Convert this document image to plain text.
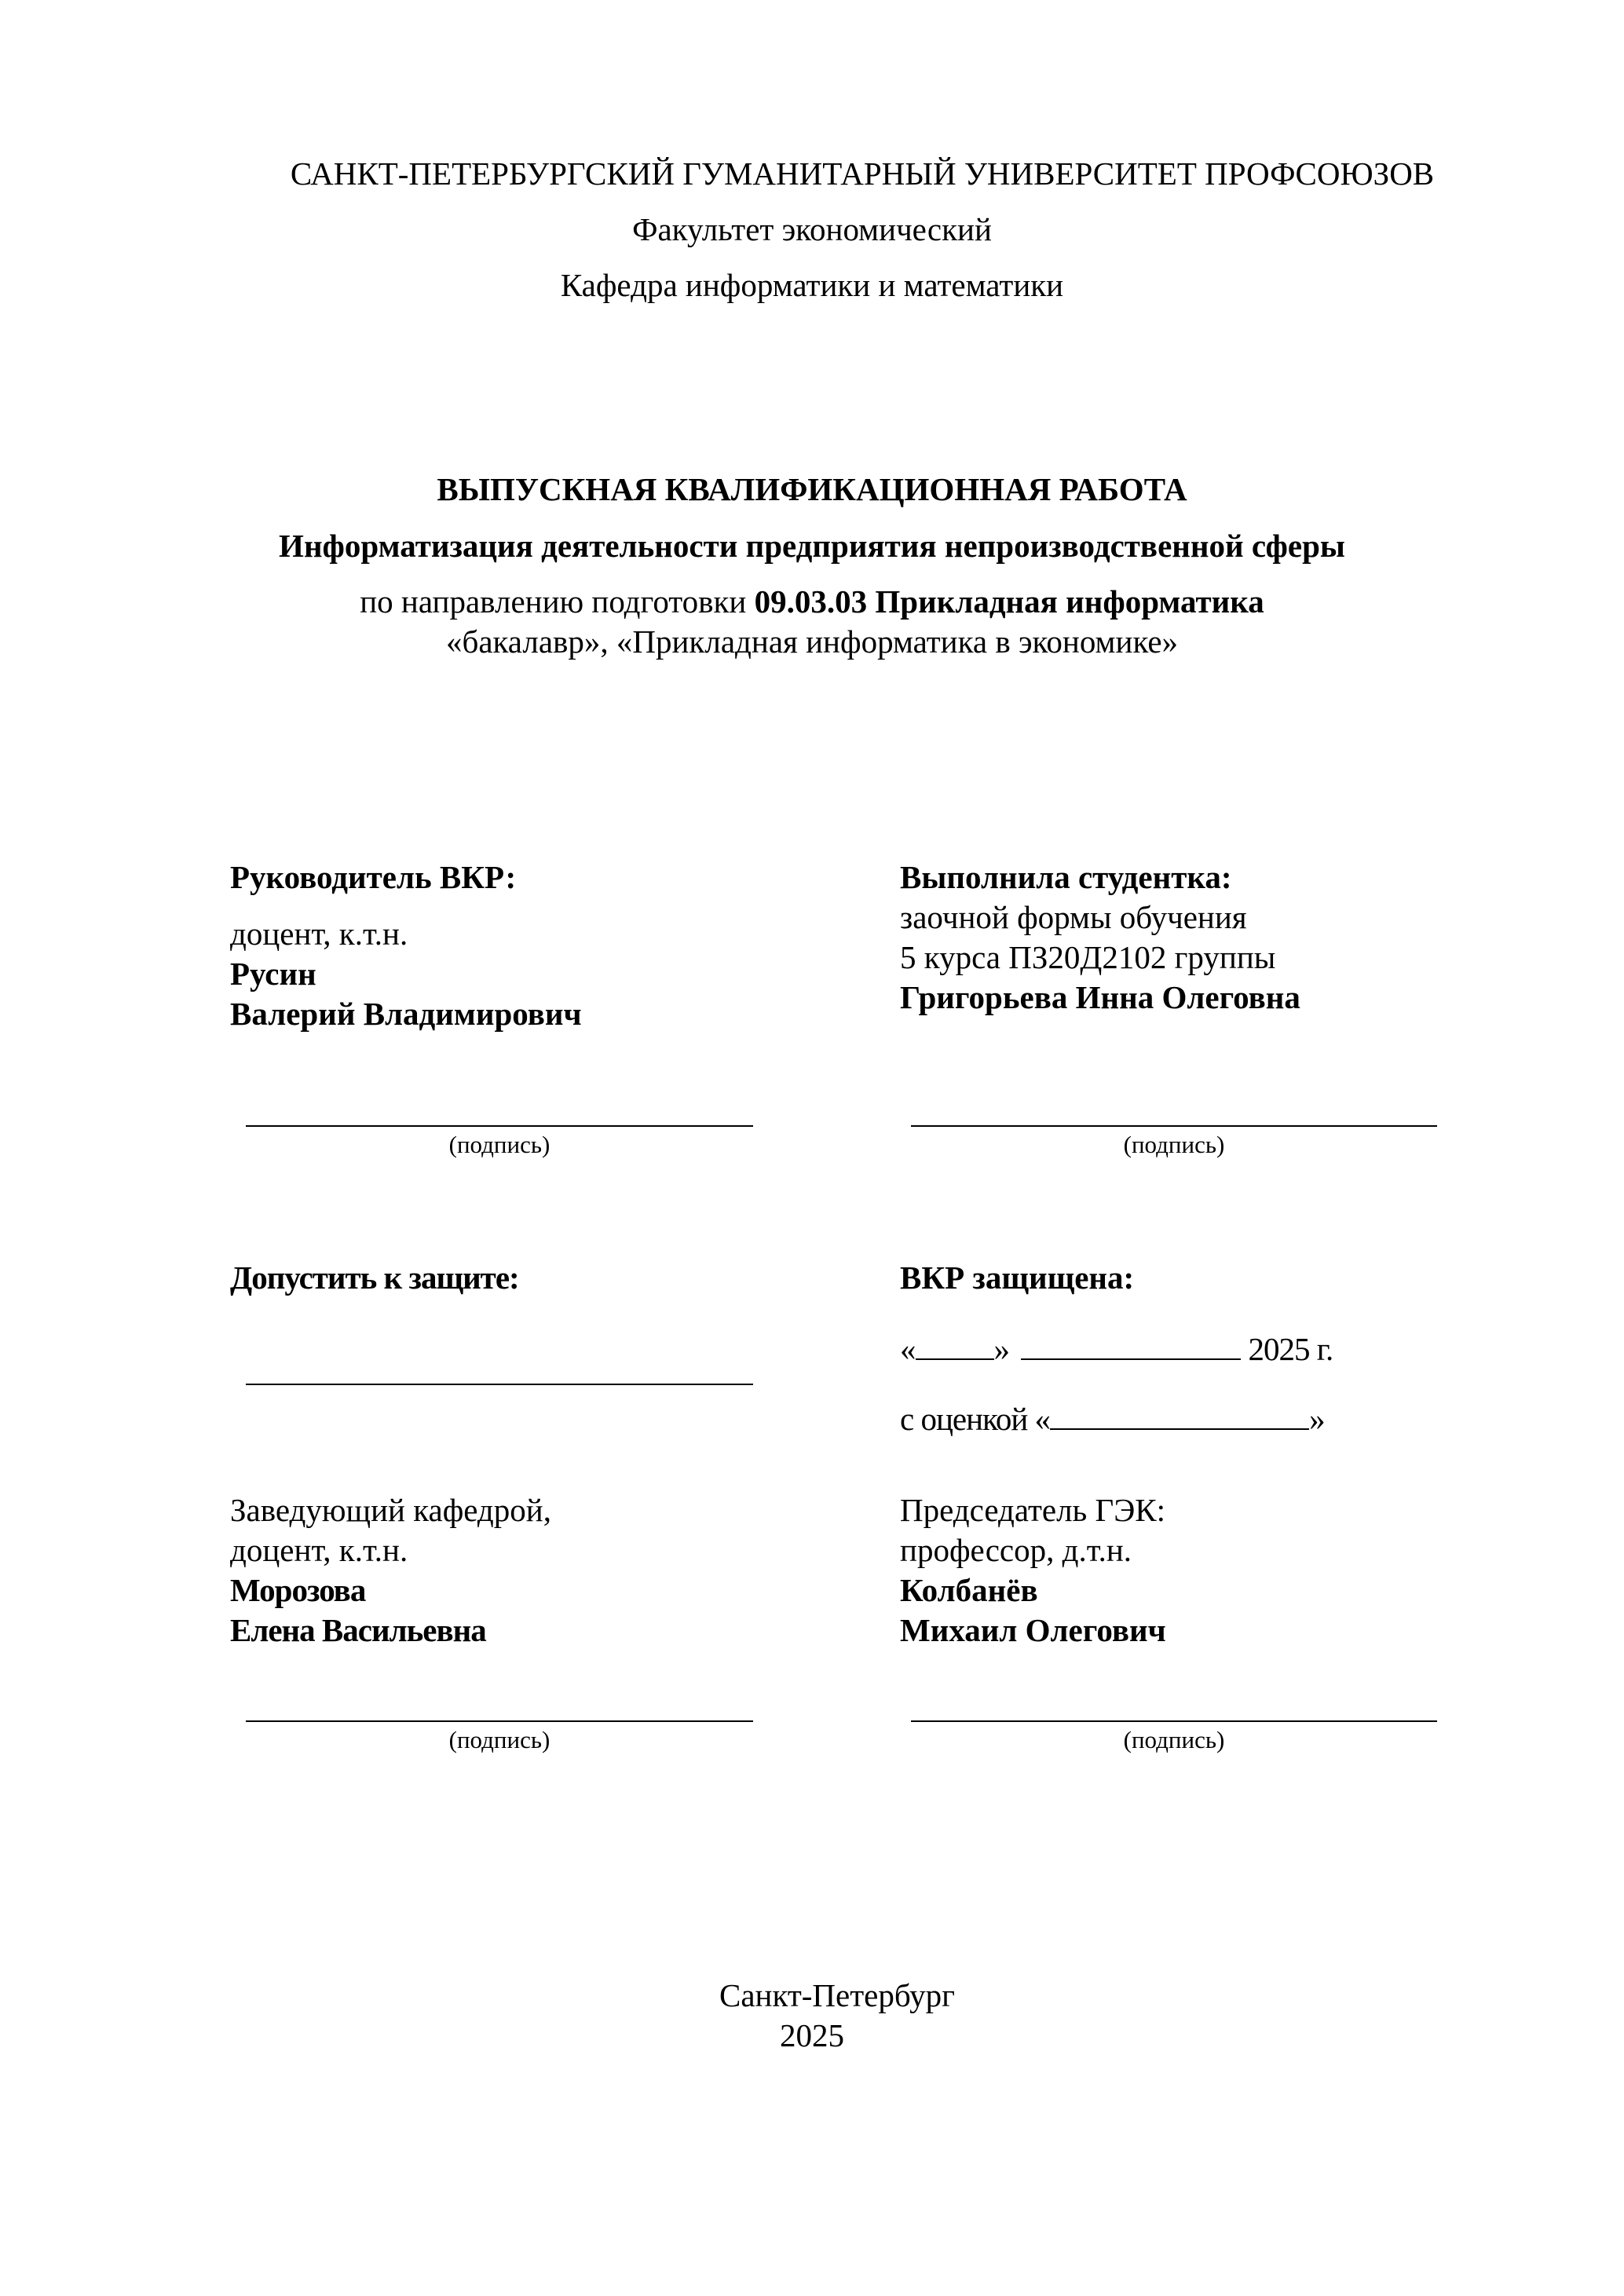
САНКТ-ПЕТЕРБУРГСКИЙ ГУМАНИТАРНЫЙ УНИВЕРСИТЕТ ПРОФСОЮЗОВ
Факультет экономический
Кафедра информатики и математики
ВЫПУСКНАЯ КВАЛИФИКАЦИОННАЯ РАБОТА
Информатизация деятельности предприятия непроизводственной сферы
по направлению подготовки 09.03.03 Прикладная информатика
«бакалавр», «Прикладная информатика в экономике»
Руководитель ВКР:
доцент, к.т.н.
Русин
Валерий Владимирович
(подпись)
Выполнила студентка:
заочной формы обучения
5 курса ПЗ20Д2102 группы
Григорьева Инна Олеговна
(подпись)
Допустить к защите:	ВКР защищена:
« »	2025 г.
с оценкой «	»
Заведующий кафедрой,
доцент, к.т.н.
Морозова
Елена Васильевна
(подпись)
Председатель ГЭК:
профессор, д.т.н.
Колбанёв
Михаил Олегович
(подпись)
Санкт-Петербург
2025
